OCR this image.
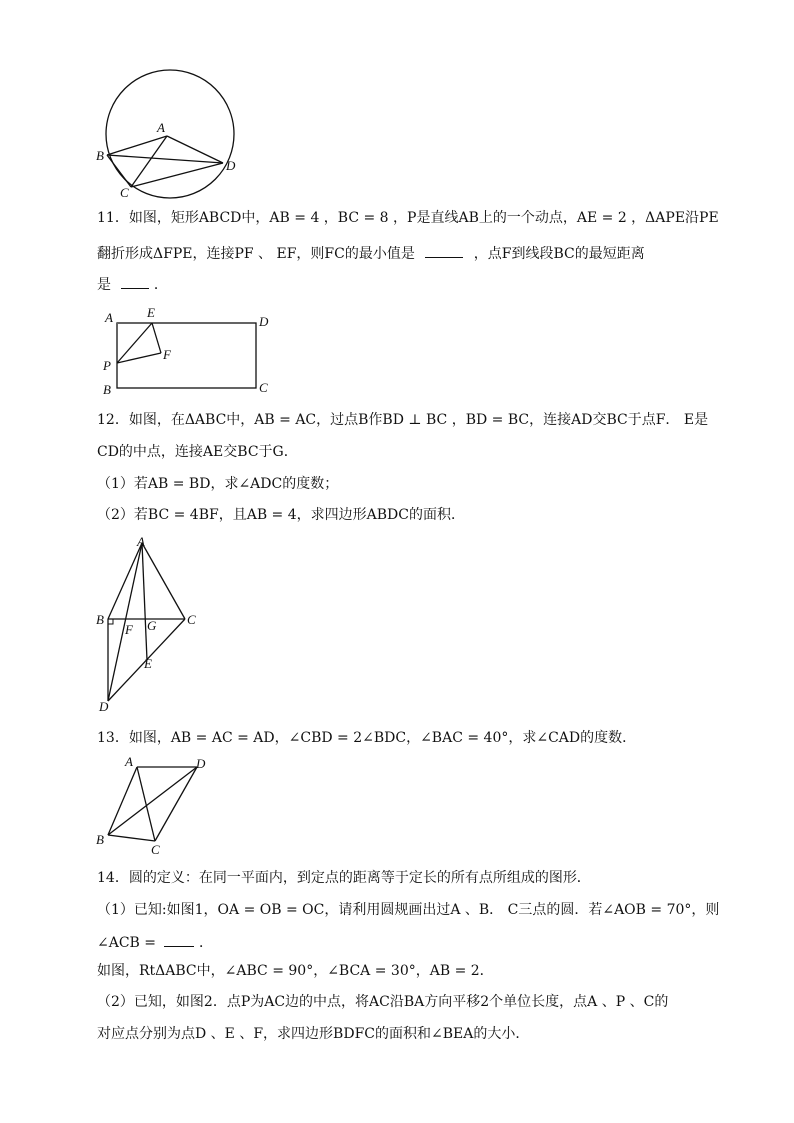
A
B
C
D
11．如图，矩形ABCD中，AB = 4 ，BC = 8 ，P是直线AB上的一个动点，AE = 2 ，ΔAPE沿PE
翻折形成ΔFPE，连接PF 、 EF，则FC的最小值是	，点F到线段BC的最短距离
是	．
A	E
D
P
F
B	C
12．如图，在ΔABC中，AB = AC，过点B作BD ⊥ BC ，BD = BC，连接AD交BC于点F． E是
CD的中点，连接AE交BC于G．
（1）若AB = BD，求∠ADC的度数；
（2）若BC = 4BF，且AB = 4，求四边形ABDC的面积．
A
B
F G C
E
D
13．如图，AB = AC = AD，∠CBD = 2∠BDC，∠BAC = 40°，求∠CAD的度数．
A	D
B
C
14．圆的定义：在同一平面内，到定点的距离等于定长的所有点所组成的图形．
（1）已知:如图1，OA = OB = OC，请利用圆规画出过A 、B． C三点的圆．若∠AOB = 70°，则
∠ACB =	．
如图，RtΔABC中，∠ABC = 90°，∠BCA = 30°，AB = 2．
（2）已知，如图2．点P为AC边的中点，将AC沿BA方向平移2个单位长度，点A 、P 、C的
对应点分别为点D 、E 、F，求四边形BDFC的面积和∠BEA的大小．
